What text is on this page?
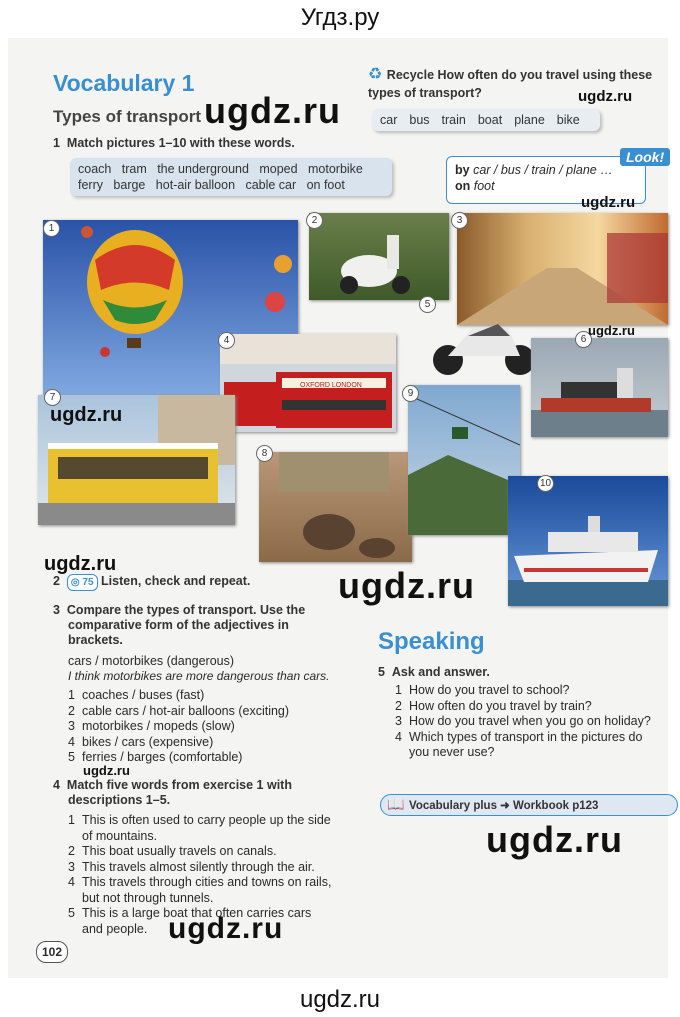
Угдз.ру
Vocabulary 1
Types of transport
♻ Recycle How often do you travel using these types of transport?
car bus train boat plane bike
1 Match pictures 1–10 with these words.
coach   tram   the underground   moped   motorbike
ferry   barge   hot-air balloon   cable car   on foot
by car / bus / train / plane …
on foot
Look!
1
2	3
5
OXFORD LONDON
4	6
7
8
9
10
2 ◎ 75 Listen, check and repeat.
3 Compare the types of transport. Use the
comparative form of the adjectives in
brackets.
cars / motorbikes (dangerous)
I think motorbikes are more dangerous than cars.
1 coaches / buses (fast)
2 cable cars / hot-air balloons (exciting)
3 motorbikes / mopeds (slow)
4 bikes / cars (expensive)
5 ferries / barges (comfortable)
4 Match five words from exercise 1 with
descriptions 1–5.
1 This is often used to carry people up the side
of mountains.
2 This boat usually travels on canals.
3 This travels almost silently through the air.
4 This travels through cities and towns on rails,
but not through tunnels.
5 This is a large boat that often carries cars
and people.
Speaking
5 Ask and answer.
1 How do you travel to school?
2 How often do you travel by train?
3 How do you travel when you go on holiday?
4 Which types of transport in the pictures do
you never use?
📖 Vocabulary plus ➜ Workbook p123
102
ugdz.ru	ugdz.ru
ugdz.ru
ugdz.ru
ugdz.ru
ugdz.ru
ugdz.ru
ugdz.ru
ugdz.ru
ugdz.ru
ugdz.ru
